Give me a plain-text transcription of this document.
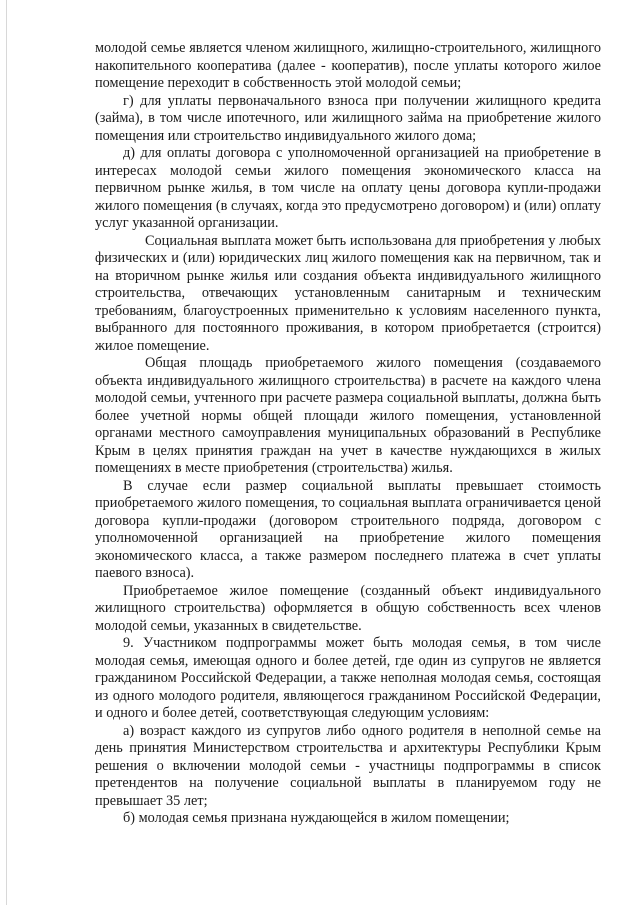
молодой семье является членом жилищного, жилищно-строительного, жилищного накопительного кооператива (далее - кооператив), после уплаты которого жилое помещение переходит в собственность этой молодой семьи;

г) для уплаты первоначального взноса при получении жилищного кредита (займа), в том числе ипотечного, или жилищного займа на приобретение жилого помещения или строительство индивидуального жилого дома;

д) для оплаты договора с уполномоченной организацией на приобретение в интересах молодой семьи жилого помещения экономического класса на первичном рынке жилья, в том числе на оплату цены договора купли-продажи жилого помещения (в случаях, когда это предусмотрено договором) и (или) оплату услуг указанной организации.

Социальная выплата может быть использована для приобретения у любых физических и (или) юридических лиц жилого помещения как на первичном, так и на вторичном рынке жилья или создания объекта индивидуального жилищного строительства, отвечающих установленным санитарным и техническим требованиям, благоустроенных применительно к условиям населенного пункта, выбранного для постоянного проживания, в котором приобретается (строится) жилое помещение.

Общая площадь приобретаемого жилого помещения (создаваемого объекта индивидуального жилищного строительства) в расчете на каждого члена молодой семьи, учтенного при расчете размера социальной выплаты, должна быть более учетной нормы общей площади жилого помещения, установленной органами местного самоуправления муниципальных образований в Республике Крым в целях принятия граждан на учет в качестве нуждающихся в жилых помещениях в месте приобретения (строительства) жилья.

В случае если размер социальной выплаты превышает стоимость приобретаемого жилого помещения, то социальная выплата ограничивается ценой договора купли-продажи (договором строительного подряда, договором с уполномоченной организацией на приобретение жилого помещения экономического класса, а также размером последнего платежа в счет уплаты паевого взноса).

Приобретаемое жилое помещение (созданный объект индивидуального жилищного строительства) оформляется в общую собственность всех членов молодой семьи, указанных в свидетельстве.

9. Участником подпрограммы может быть молодая семья, в том числе молодая семья, имеющая одного и более детей, где один из супругов не является гражданином Российской Федерации, а также неполная молодая семья, состоящая из одного молодого родителя, являющегося гражданином Российской Федерации, и одного и более детей, соответствующая следующим условиям:

а) возраст каждого из супругов либо одного родителя в неполной семье на день принятия Министерством строительства и архитектуры Республики Крым решения о включении молодой семьи - участницы подпрограммы в список претендентов на получение социальной выплаты в планируемом году не превышает 35 лет;

б) молодая семья признана нуждающейся в жилом помещении;
